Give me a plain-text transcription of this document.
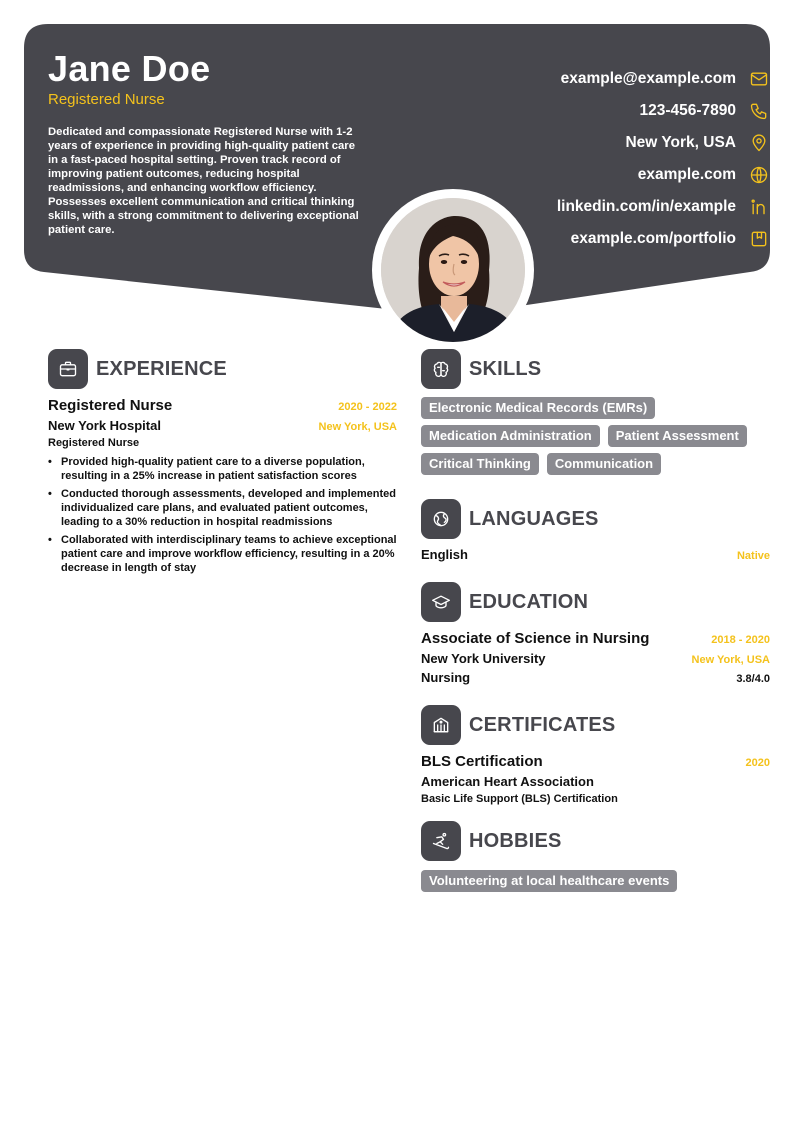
Jane Doe
Registered Nurse
Dedicated and compassionate Registered Nurse with 1-2 years of experience in providing high-quality patient care in a fast-paced hospital setting. Proven track record of improving patient outcomes, reducing hospital readmissions, and enhancing workflow efficiency. Possesses excellent communication and critical thinking skills, with a strong commitment to delivering exceptional patient care.
example@example.com
123-456-7890
New York, USA
example.com
linkedin.com/in/example
example.com/portfolio
EXPERIENCE
Registered Nurse	2020 - 2022
New York Hospital	New York, USA
Registered Nurse
• Provided high-quality patient care to a diverse population, resulting in a 25% increase in patient satisfaction scores
• Conducted thorough assessments, developed and implemented individualized care plans, and evaluated patient outcomes, leading to a 30% reduction in hospital readmissions
• Collaborated with interdisciplinary teams to achieve exceptional patient care and improve workflow efficiency, resulting in a 20% decrease in length of stay
SKILLS
Electronic Medical Records (EMRs)
Medication Administration	Patient Assessment
Critical Thinking	Communication
LANGUAGES
English	Native
EDUCATION
Associate of Science in Nursing	2018 - 2020
New York University	New York, USA
Nursing	3.8/4.0
CERTIFICATES
BLS Certification	2020
American Heart Association
Basic Life Support (BLS) Certification
HOBBIES
Volunteering at local healthcare events
